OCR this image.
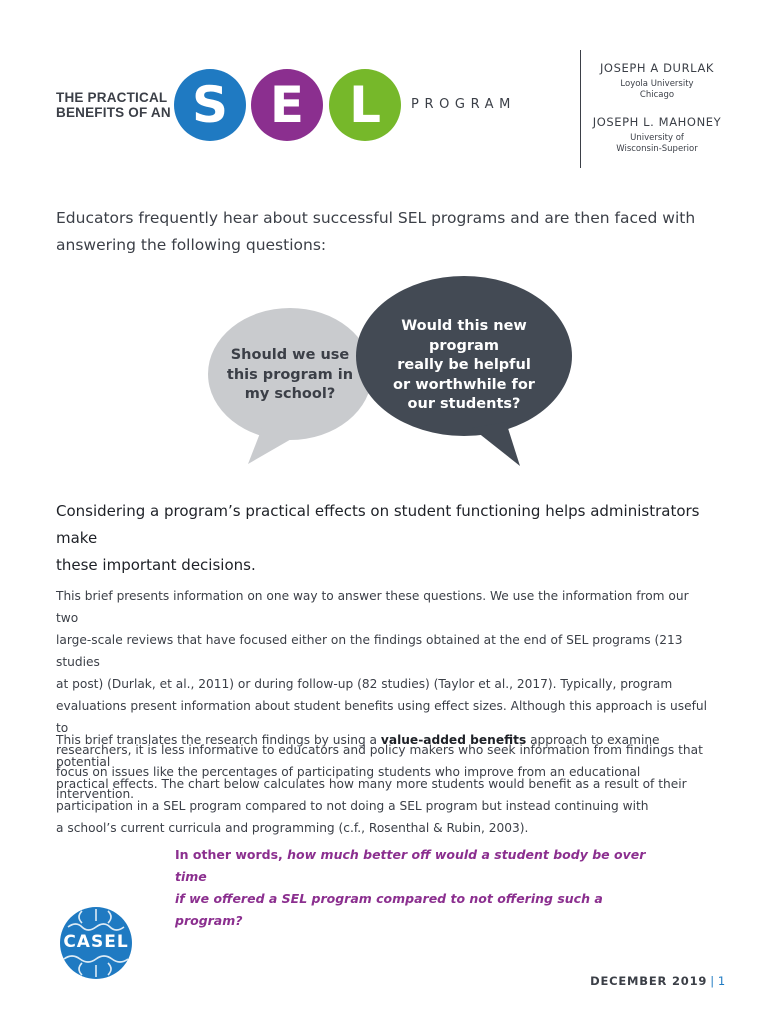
THE PRACTICAL
BENEFITS OF AN S E L	PROGRAM
JOSEPH A DURLAK
Loyola University
Chicago
JOSEPH L. MAHONEY
University of
Wisconsin-Superior
Educators frequently hear about successful SEL programs and are then faced with
answering the following questions:
Should we use
this program in
my school?
Would this new program
really be helpful
or worthwhile for
our students?
Considering a program’s practical effects on student functioning helps administrators make
these important decisions.
This brief presents information on one way to answer these questions. We use the information from our two
large-scale reviews that have focused either on the findings obtained at the end of SEL programs (213 studies
at post) (Durlak, et al., 2011) or during follow-up (82 studies) (Taylor et al., 2017). Typically, program
evaluations present information about student benefits using effect sizes. Although this approach is useful to
researchers, it is less informative to educators and policy makers who seek information from findings that
focus on issues like the percentages of participating students who improve from an educational intervention.
This brief translates the research findings by using a value-added benefits approach to examine potential
practical effects. The chart below calculates how many more students would benefit as a result of their
participation in a SEL program compared to not doing a SEL program but instead continuing with
a school’s current curricula and programming (c.f., Rosenthal & Rubin, 2003).
In other words, how much better off would a student body be over time
if we offered a SEL program compared to not offering such a program?
CASEL
DECEMBER 2019 | 1
